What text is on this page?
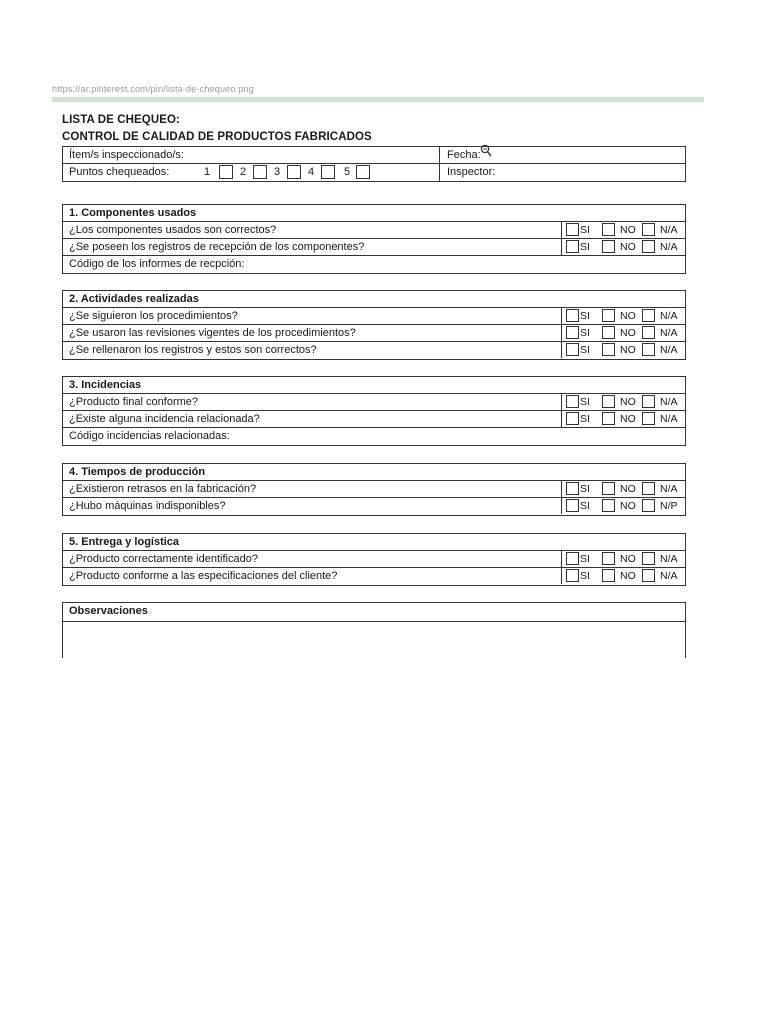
https://ar.pinterest.com/pin/lista-de-chequeo.png
LISTA DE CHEQUEO:
CONTROL DE CALIDAD DE PRODUCTOS FABRICADOS
Ítem/s inspeccionado/s:	Fecha:
Puntos chequeados:	1	2	3	4	5	Inspector:
1. Componentes usados
¿Los componentes usados son correctos?	SI	NO N/A
¿Se poseen los registros de recepción de los componentes?	SI	NO N/A
Código de los informes de recpción:
2. Actividades realizadas
¿Se siguieron los procedimientos?	SI	NO N/A
¿Se usaron las revisiones vigentes de los procedimientos?	SI	NO N/A
¿Se rellenaron los registros y estos son correctos?	SI	NO N/A
3. Incidencias
¿Producto final conforme?	SI	NO N/A
¿Existe alguna incidencia relacionada?	SI	NO N/A
Código incidencias relacionadas:
4. Tiempos de producción
¿Existieron retrasos en la fabricación?	SI	NO N/A
¿Hubo máquinas indisponibles?	SI	NO N/P
5. Entrega y logística
¿Producto correctamente identificado?	SI	NO N/A
¿Producto conforme a las especificaciones del cliente?	SI	NO N/A
Observaciones
